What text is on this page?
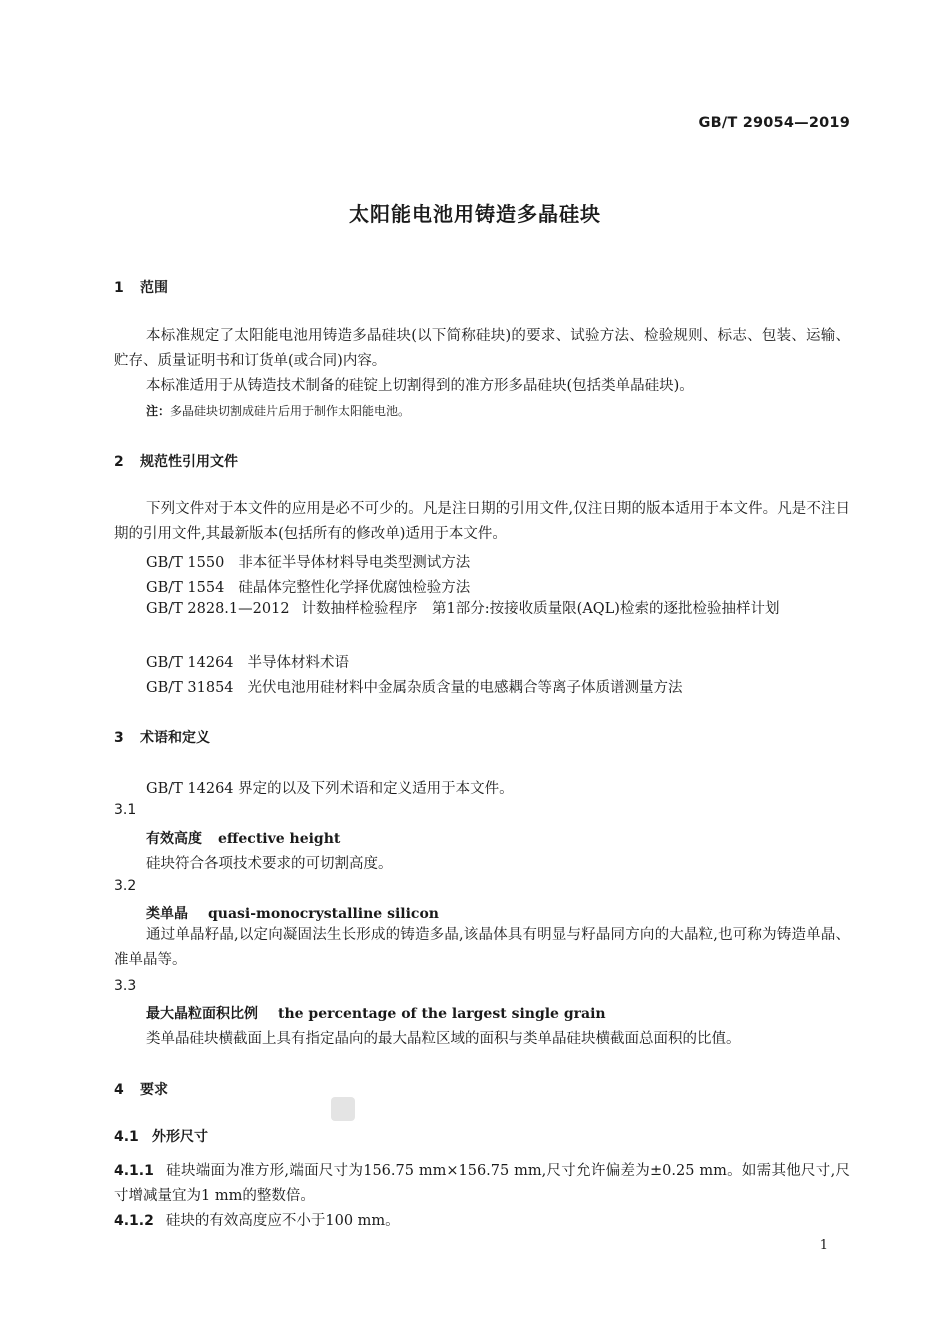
GB/T 29054—2019
太阳能电池用铸造多晶硅块
1 范围
本标准规定了太阳能电池用铸造多晶硅块(以下简称硅块)的要求、试验方法、检验规则、标志、包装、运输、贮存、质量证明书和订货单(或合同)内容。
本标准适用于从铸造技术制备的硅锭上切割得到的准方形多晶硅块(包括类单晶硅块)。
注：多晶硅块切割成硅片后用于制作太阳能电池。
2 规范性引用文件
下列文件对于本文件的应用是必不可少的。凡是注日期的引用文件,仅注日期的版本适用于本文件。凡是不注日期的引用文件,其最新版本(包括所有的修改单)适用于本文件。
GB/T 1550 非本征半导体材料导电类型测试方法
GB/T 1554 硅晶体完整性化学择优腐蚀检验方法
GB/T 2828.1—2012 计数抽样检验程序　第1部分:按接收质量限(AQL)检索的逐批检验抽样计划
GB/T 14264 半导体材料术语
GB/T 31854 光伏电池用硅材料中金属杂质含量的电感耦合等离子体质谱测量方法
3 术语和定义
GB/T 14264 界定的以及下列术语和定义适用于本文件。
3.1
有效高度 effective height
硅块符合各项技术要求的可切割高度。
3.2
类单晶 quasi-monocrystalline silicon
通过单晶籽晶,以定向凝固法生长形成的铸造多晶,该晶体具有明显与籽晶同方向的大晶粒,也可称为铸造单晶、准单晶等。
3.3
最大晶粒面积比例 the percentage of the largest single grain
类单晶硅块横截面上具有指定晶向的最大晶粒区域的面积与类单晶硅块横截面总面积的比值。
4 要求
4.1 外形尺寸
4.1.1 硅块端面为准方形,端面尺寸为156.75 mm×156.75 mm,尺寸允许偏差为±0.25 mm。如需其他尺寸,尺寸增减量宜为1 mm的整数倍。
4.1.2 硅块的有效高度应不小于100 mm。
1
